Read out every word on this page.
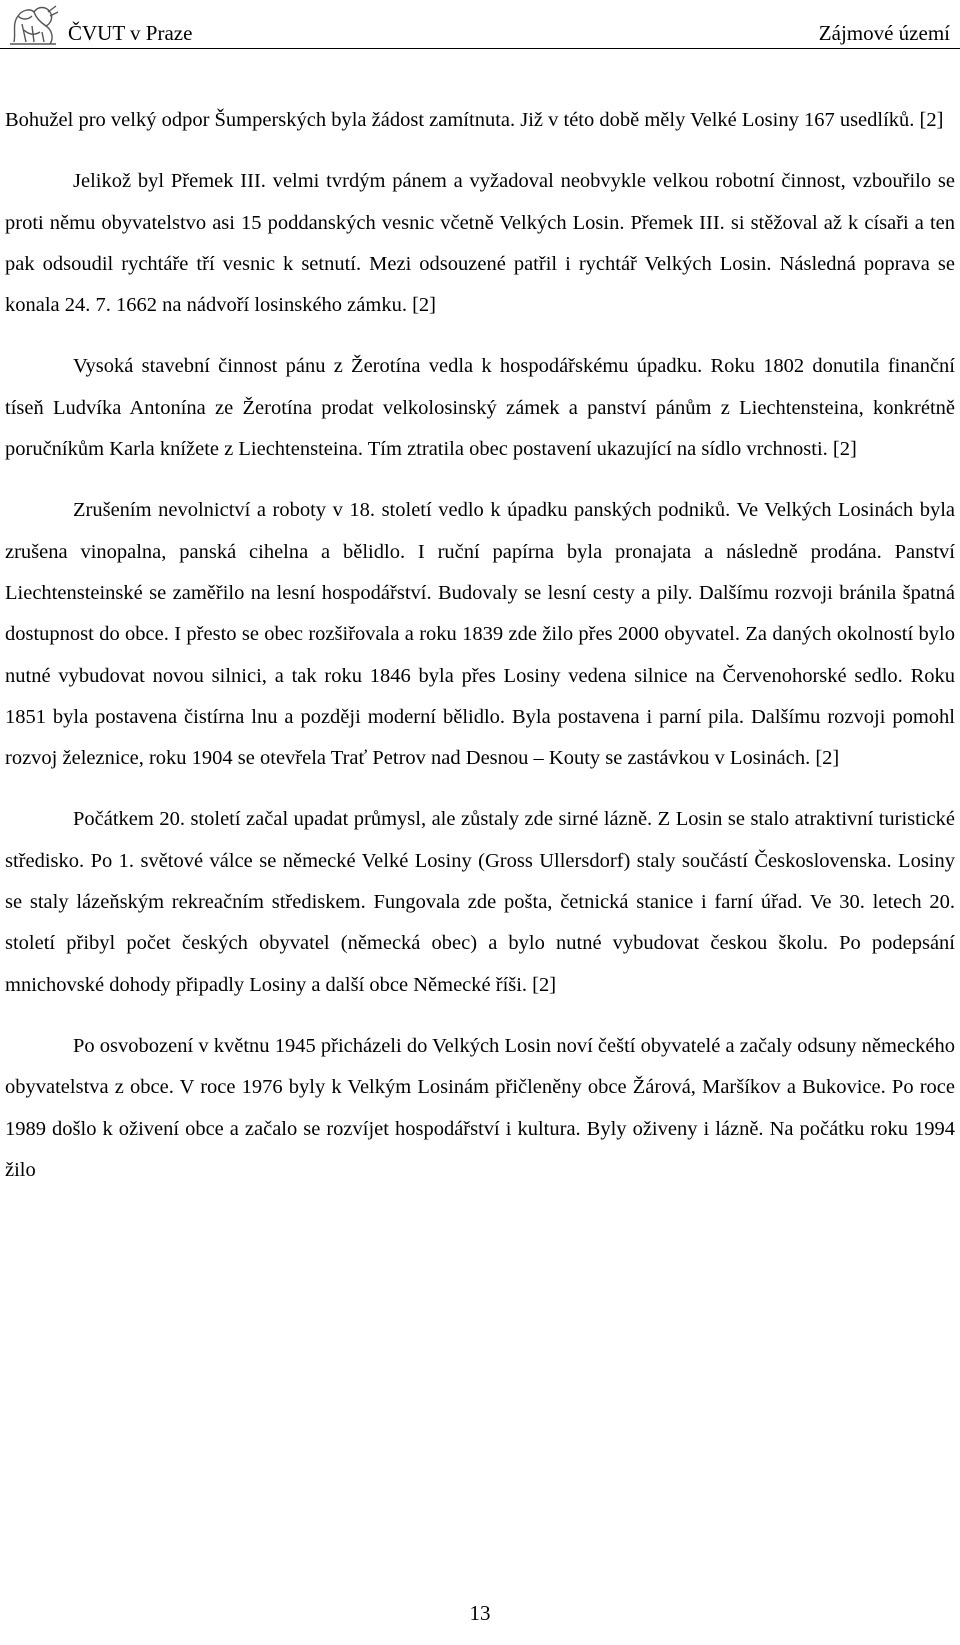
ČVUT v Praze	Zájmové území

Bohužel pro velký odpor Šumperských byla žádost zamítnuta. Již v této době měly Velké Losiny 167 usedlíků. [2]

Jelikož byl Přemek III. velmi tvrdým pánem a vyžadoval neobvykle velkou robotní činnost, vzbouřilo se proti němu obyvatelstvo asi 15 poddanských vesnic včetně Velkých Losin. Přemek III. si stěžoval až k císaři a ten pak odsoudil rychtáře tří vesnic k setnutí. Mezi odsouzené patřil i rychtář Velkých Losin. Následná poprava se konala 24. 7. 1662 na nádvoří losinského zámku. [2]

Vysoká stavební činnost pánu z Žerotína vedla k hospodářskému úpadku. Roku 1802 donutila finanční tíseň Ludvíka Antonína ze Žerotína prodat velkolosinský zámek a panství pánům z Liechtensteina, konkrétně poručníkům Karla knížete z Liechtensteina. Tím ztratila obec postavení ukazující na sídlo vrchnosti. [2]

Zrušením nevolnictví a roboty v 18. století vedlo k úpadku panských podniků. Ve Velkých Losinách byla zrušena vinopalna, panská cihelna a bělidlo. I ruční papírna byla pronajata a následně prodána. Panství Liechtensteinské se zaměřilo na lesní hospodářství. Budovaly se lesní cesty a pily. Dalšímu rozvoji bránila špatná dostupnost do obce. I přesto se obec rozšiřovala a roku 1839 zde žilo přes 2000 obyvatel. Za daných okolností bylo nutné vybudovat novou silnici, a tak roku 1846 byla přes Losiny vedena silnice na Červenohorské sedlo. Roku 1851 byla postavena čistírna lnu a později moderní bělidlo. Byla postavena i parní pila. Dalšímu rozvoji pomohl rozvoj železnice, roku 1904 se otevřela Trať Petrov nad Desnou – Kouty se zastávkou v Losinách. [2]

Počátkem 20. století začal upadat průmysl, ale zůstaly zde sirné lázně. Z Losin se stalo atraktivní turistické středisko. Po 1. světové válce se německé Velké Losiny (Gross Ullersdorf) staly součástí Československa. Losiny se staly lázeňským rekreačním střediskem. Fungovala zde pošta, četnická stanice i farní úřad. Ve 30. letech 20. století přibyl počet českých obyvatel (německá obec) a bylo nutné vybudovat českou školu. Po podepsání mnichovské dohody připadly Losiny a další obce Německé říši. [2]

Po osvobození v květnu 1945 přicházeli do Velkých Losin noví čeští obyvatelé a začaly odsuny německého obyvatelstva z obce. V roce 1976 byly k Velkým Losinám přičleněny obce Žárová, Maršíkov a Bukovice. Po roce 1989 došlo k oživení obce a začalo se rozvíjet hospodářství i kultura. Byly oživeny i lázně. Na počátku roku 1994 žilo

13
